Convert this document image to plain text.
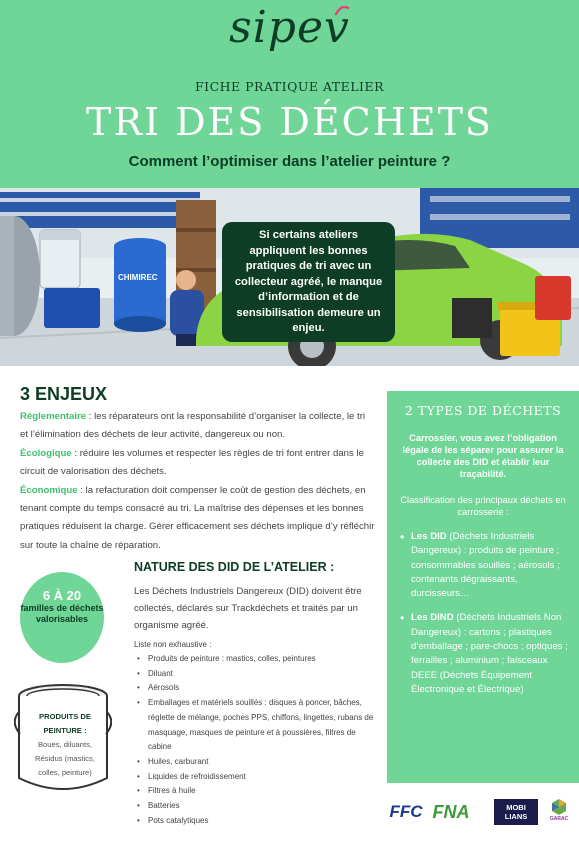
sipev
FICHE PRATIQUE ATELIER
TRI DES DÉCHETS
Comment l’optimiser dans l’atelier peinture ?
CHIMIREC
Si certains ateliers appliquent les bonnes pratiques de tri avec un collecteur agréé, le manque d’information et de sensibilisation demeure un enjeu.
3 ENJEUX
Réglementaire : les réparateurs ont la responsabilité d’organiser la collecte, le tri et l’élimination des déchets de leur activité, dangereux ou non.
Écologique : réduire les volumes et respecter les règles de tri font entrer dans le circuit de valorisation des déchets.
Économique : la refacturation doit compenser le coût de gestion des déchets, en tenant compte du temps consacré au tri. La maîtrise des dépenses et les bonnes pratiques réduisent la charge. Gérer efficacement ses déchets implique d’y réfléchir sur toute la chaîne de réparation.
2 TYPES DE DÉCHETS
Carrossier, vous avez l’obligation légale de les séparer pour assurer la collecte des DID et établir leur traçabilité.
Classification des principaux déchets en carrosserie :
• Les DID (Déchets Industriels Dangereux) : produits de peinture ; consommables souillés ; aérosols ; contenants dégraissants, durcisseurs…
• Les DIND (Déchets Industriels Non Dangereux) : cartons ; plastiques d’emballage ; pare-chocs ; optiques ; ferrailles ; aluminium ; faisceaux DEEE (Déchets Équipement Électronique et Électrique)
NATURE DES DID DE L’ATELIER :
Les Déchets Industriels Dangereux (DID) doivent être collectés, déclarés sur Trackdéchets et traités par un organisme agréé.
Liste non exhaustive :
• Produits de peinture : mastics, colles, peintures
• Diluant
• Aérosols
• Emballages et matériels souillés : disques à poncer, bâches, réglette de mélange, poches PPS, chiffons, lingettes, rubans de masquage, masques de peinture et à poussières, filtres de cabine
• Huiles, carburant
• Liquides de refroidissement
• Filtres à huile
• Batteries
• Pots catalytiques
6 À 20
familles de déchets valorisables
PRODUITS DE PEINTURE :
Boues, diluants, Résidus (mastics, colles, peinture)
FFC FNA	MOBI
LIANS	GARAC
